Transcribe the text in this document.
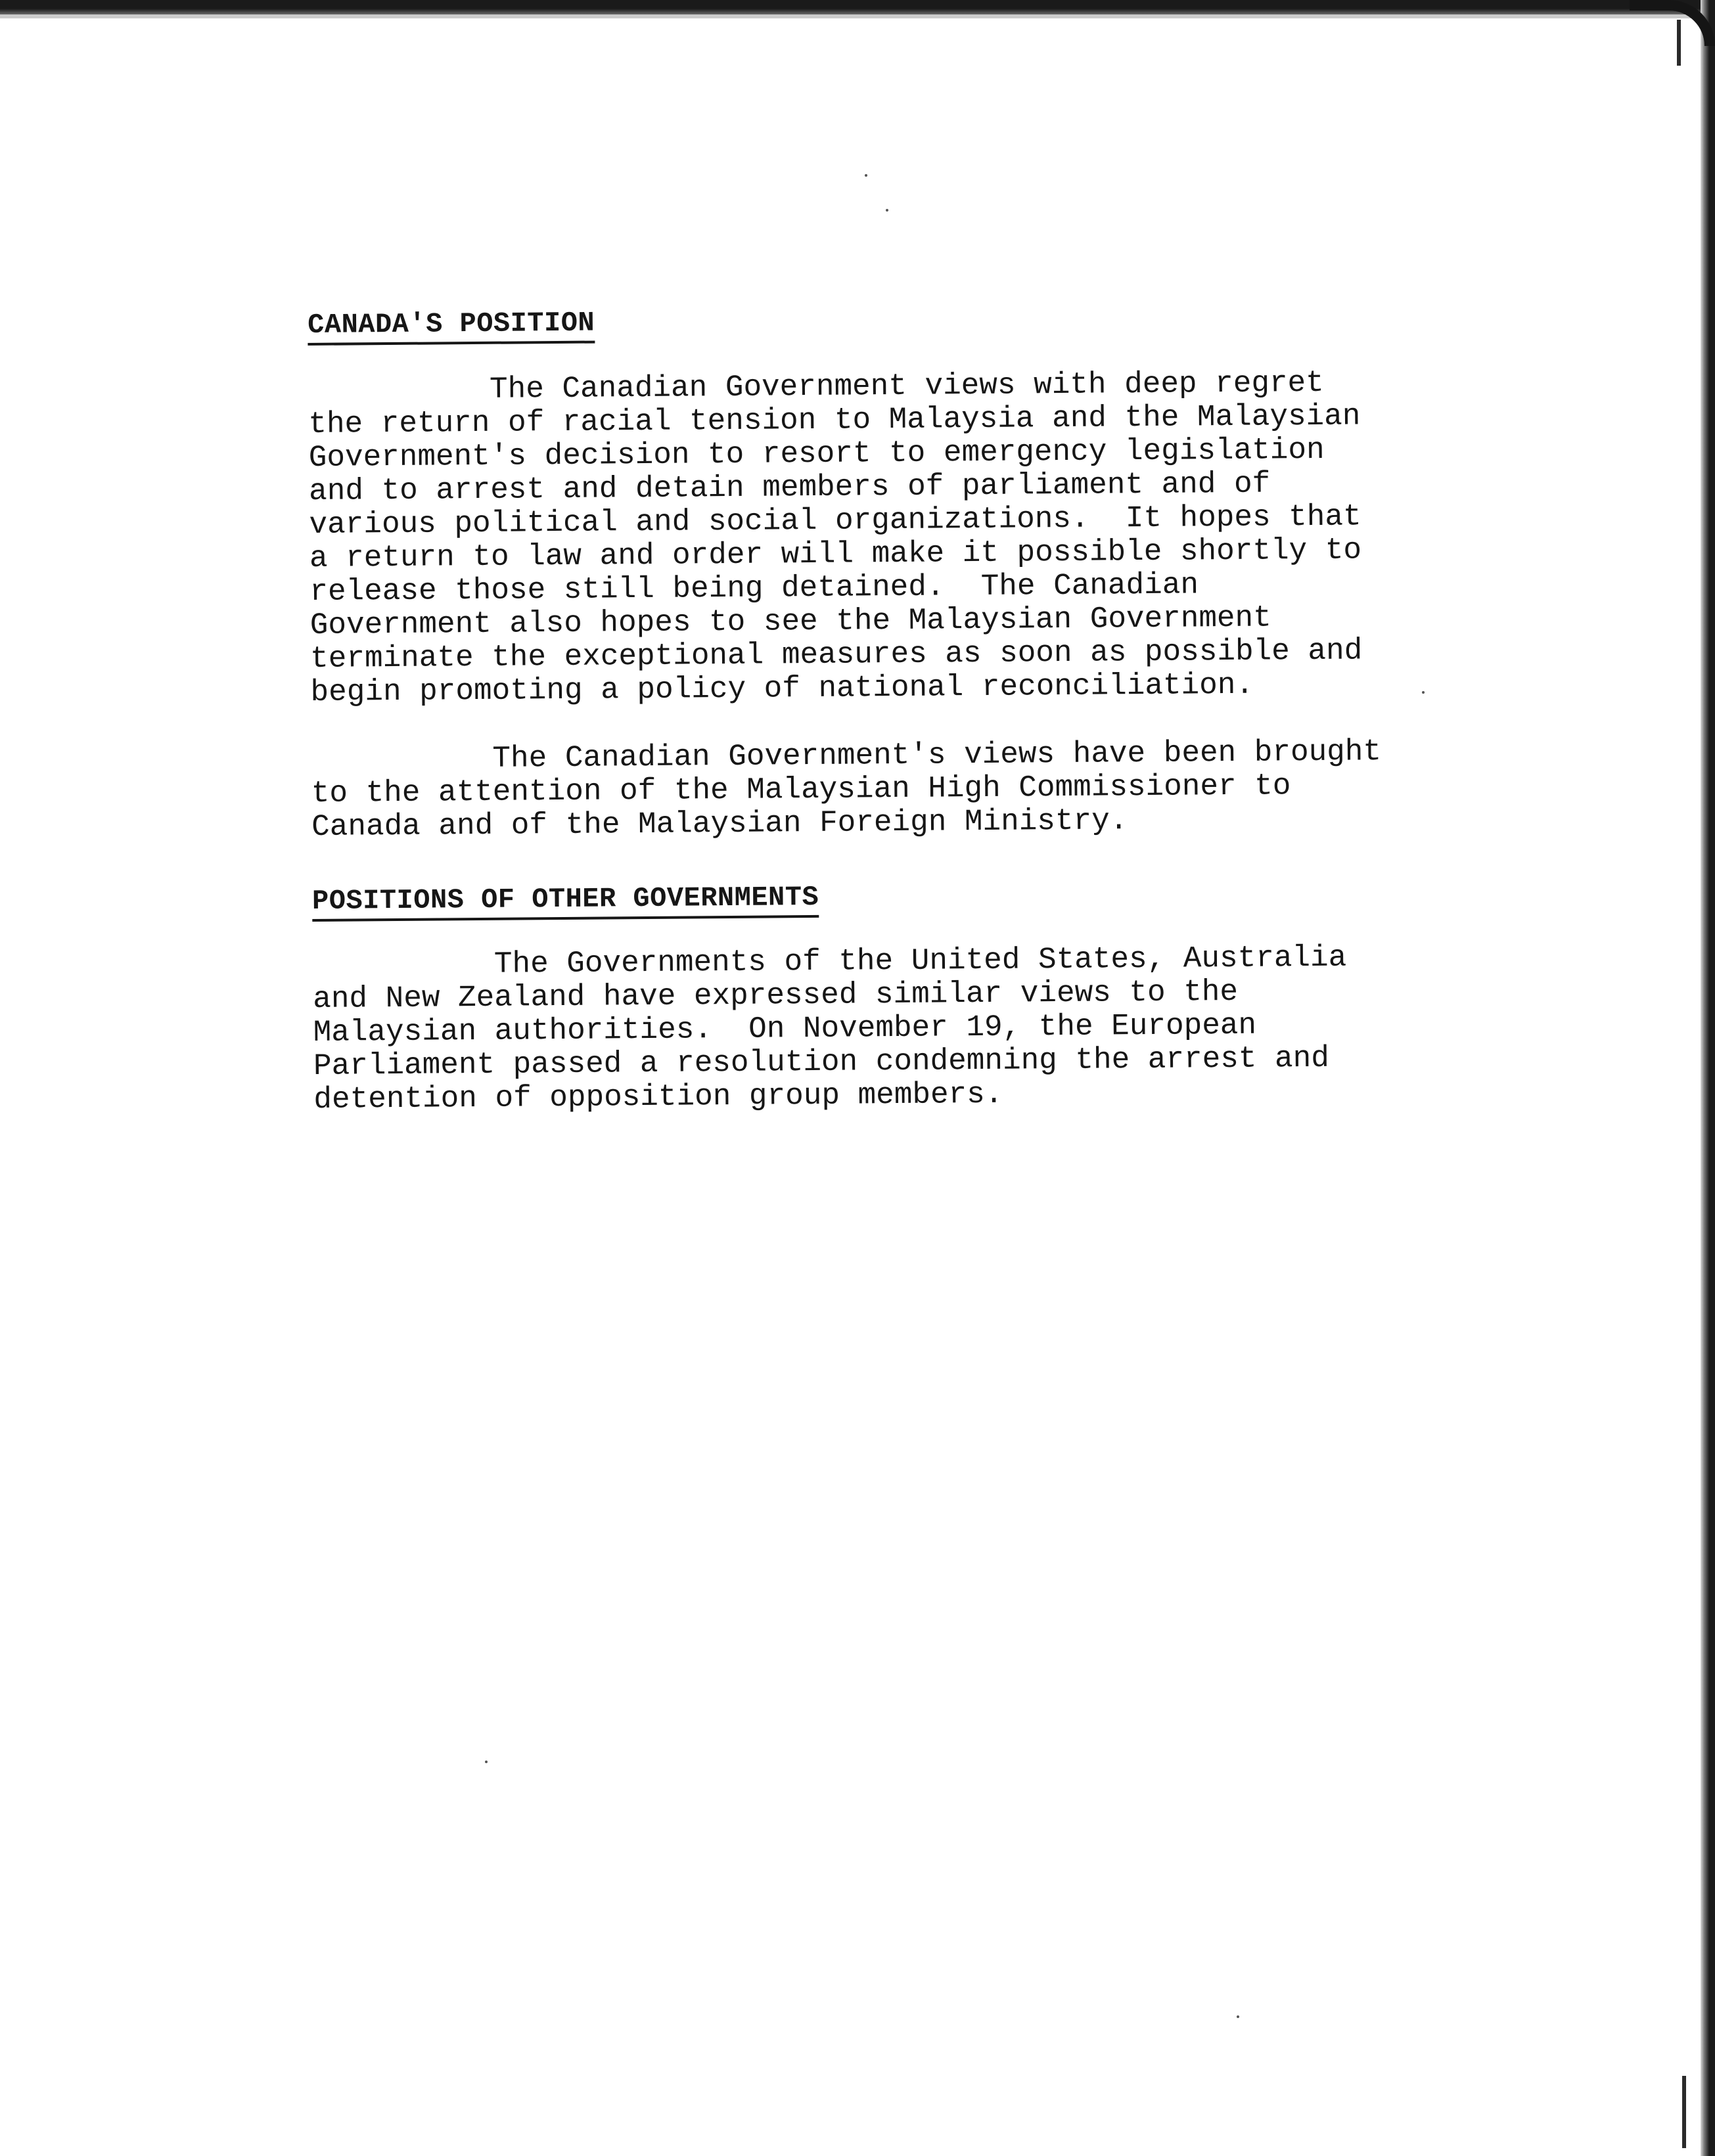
CANADA'S POSITION

The Canadian Government views with deep regret
the return of racial tension to Malaysia and the Malaysian
Government's decision to resort to emergency legislation
and to arrest and detain members of parliament and of
various political and social organizations.  It hopes that
a return to law and order will make it possible shortly to
release those still being detained.  The Canadian
Government also hopes to see the Malaysian Government
terminate the exceptional measures as soon as possible and
begin promoting a policy of national reconciliation.

The Canadian Government's views have been brought
to the attention of the Malaysian High Commissioner to
Canada and of the Malaysian Foreign Ministry.

POSITIONS OF OTHER GOVERNMENTS

The Governments of the United States, Australia
and New Zealand have expressed similar views to the
Malaysian authorities.  On November 19, the European
Parliament passed a resolution condemning the arrest and
detention of opposition group members.
